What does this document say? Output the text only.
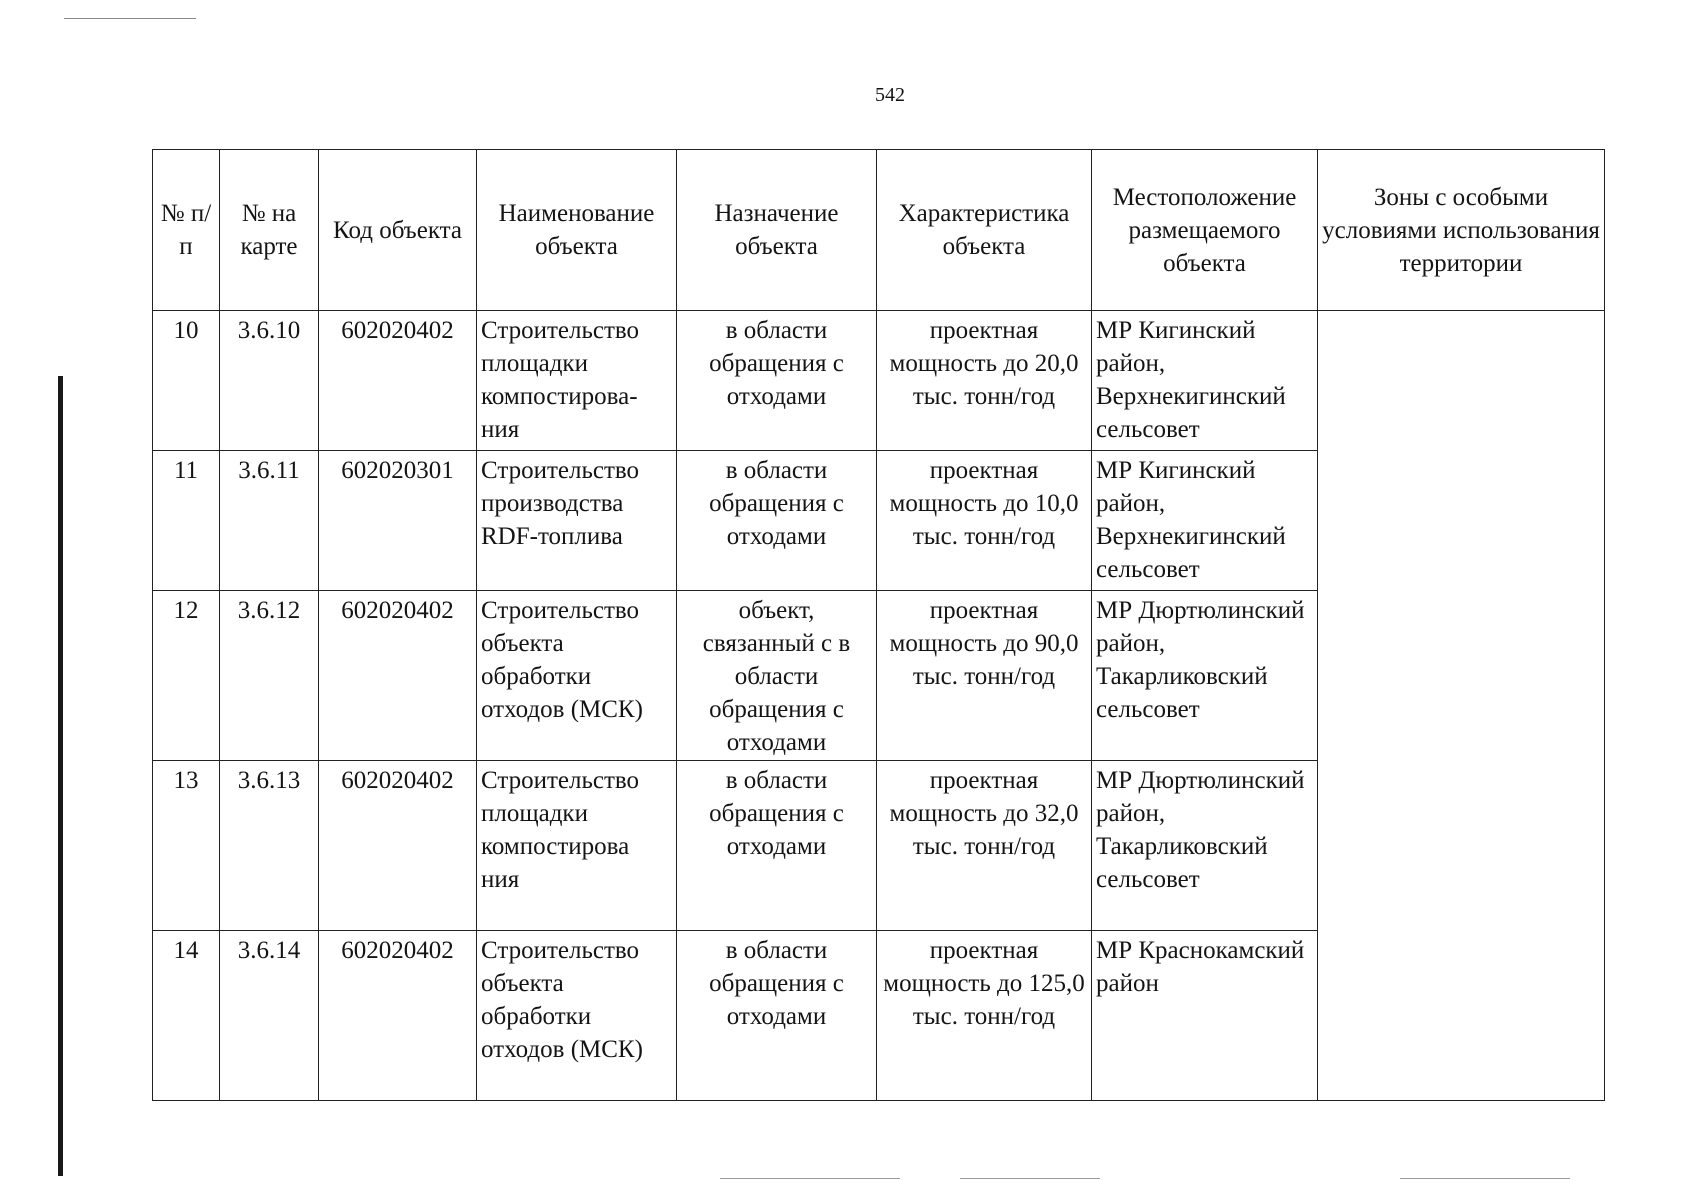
542
№ п/п	№ на карте	Код объекта	Наименование объекта	Назначение объекта	Характеристика объекта	Местоположение размещаемого объекта	Зоны с особыми условиями использования территории
10	3.6.10	602020402	Строительство площадки компостирова-ния	в области обращения с отходами	проектная мощность до 20,0 тыс. тонн/год	МР Кигинский район, Верхнекигинский сельсовет	
11	3.6.11	602020301	Строительство производства RDF-топлива	в области обращения с отходами	проектная мощность до 10,0 тыс. тонн/год	МР Кигинский район, Верхнекигинский сельсовет	
12	3.6.12	602020402	Строительство объекта обработки отходов (МСК)	объект, связанный с в области обращения с отходами	проектная мощность до 90,0 тыс. тонн/год	МР Дюртюлинский район, Такарликовский сельсовет	
13	3.6.13	602020402	Строительство площадки компостирова ния	в области обращения с отходами	проектная мощность до 32,0 тыс. тонн/год	МР Дюртюлинский район, Такарликовский сельсовет	
14	3.6.14	602020402	Строительство объекта обработки отходов (МСК)	в области обращения с отходами	проектная мощность до 125,0 тыс. тонн/год	МР Краснокамский район	
